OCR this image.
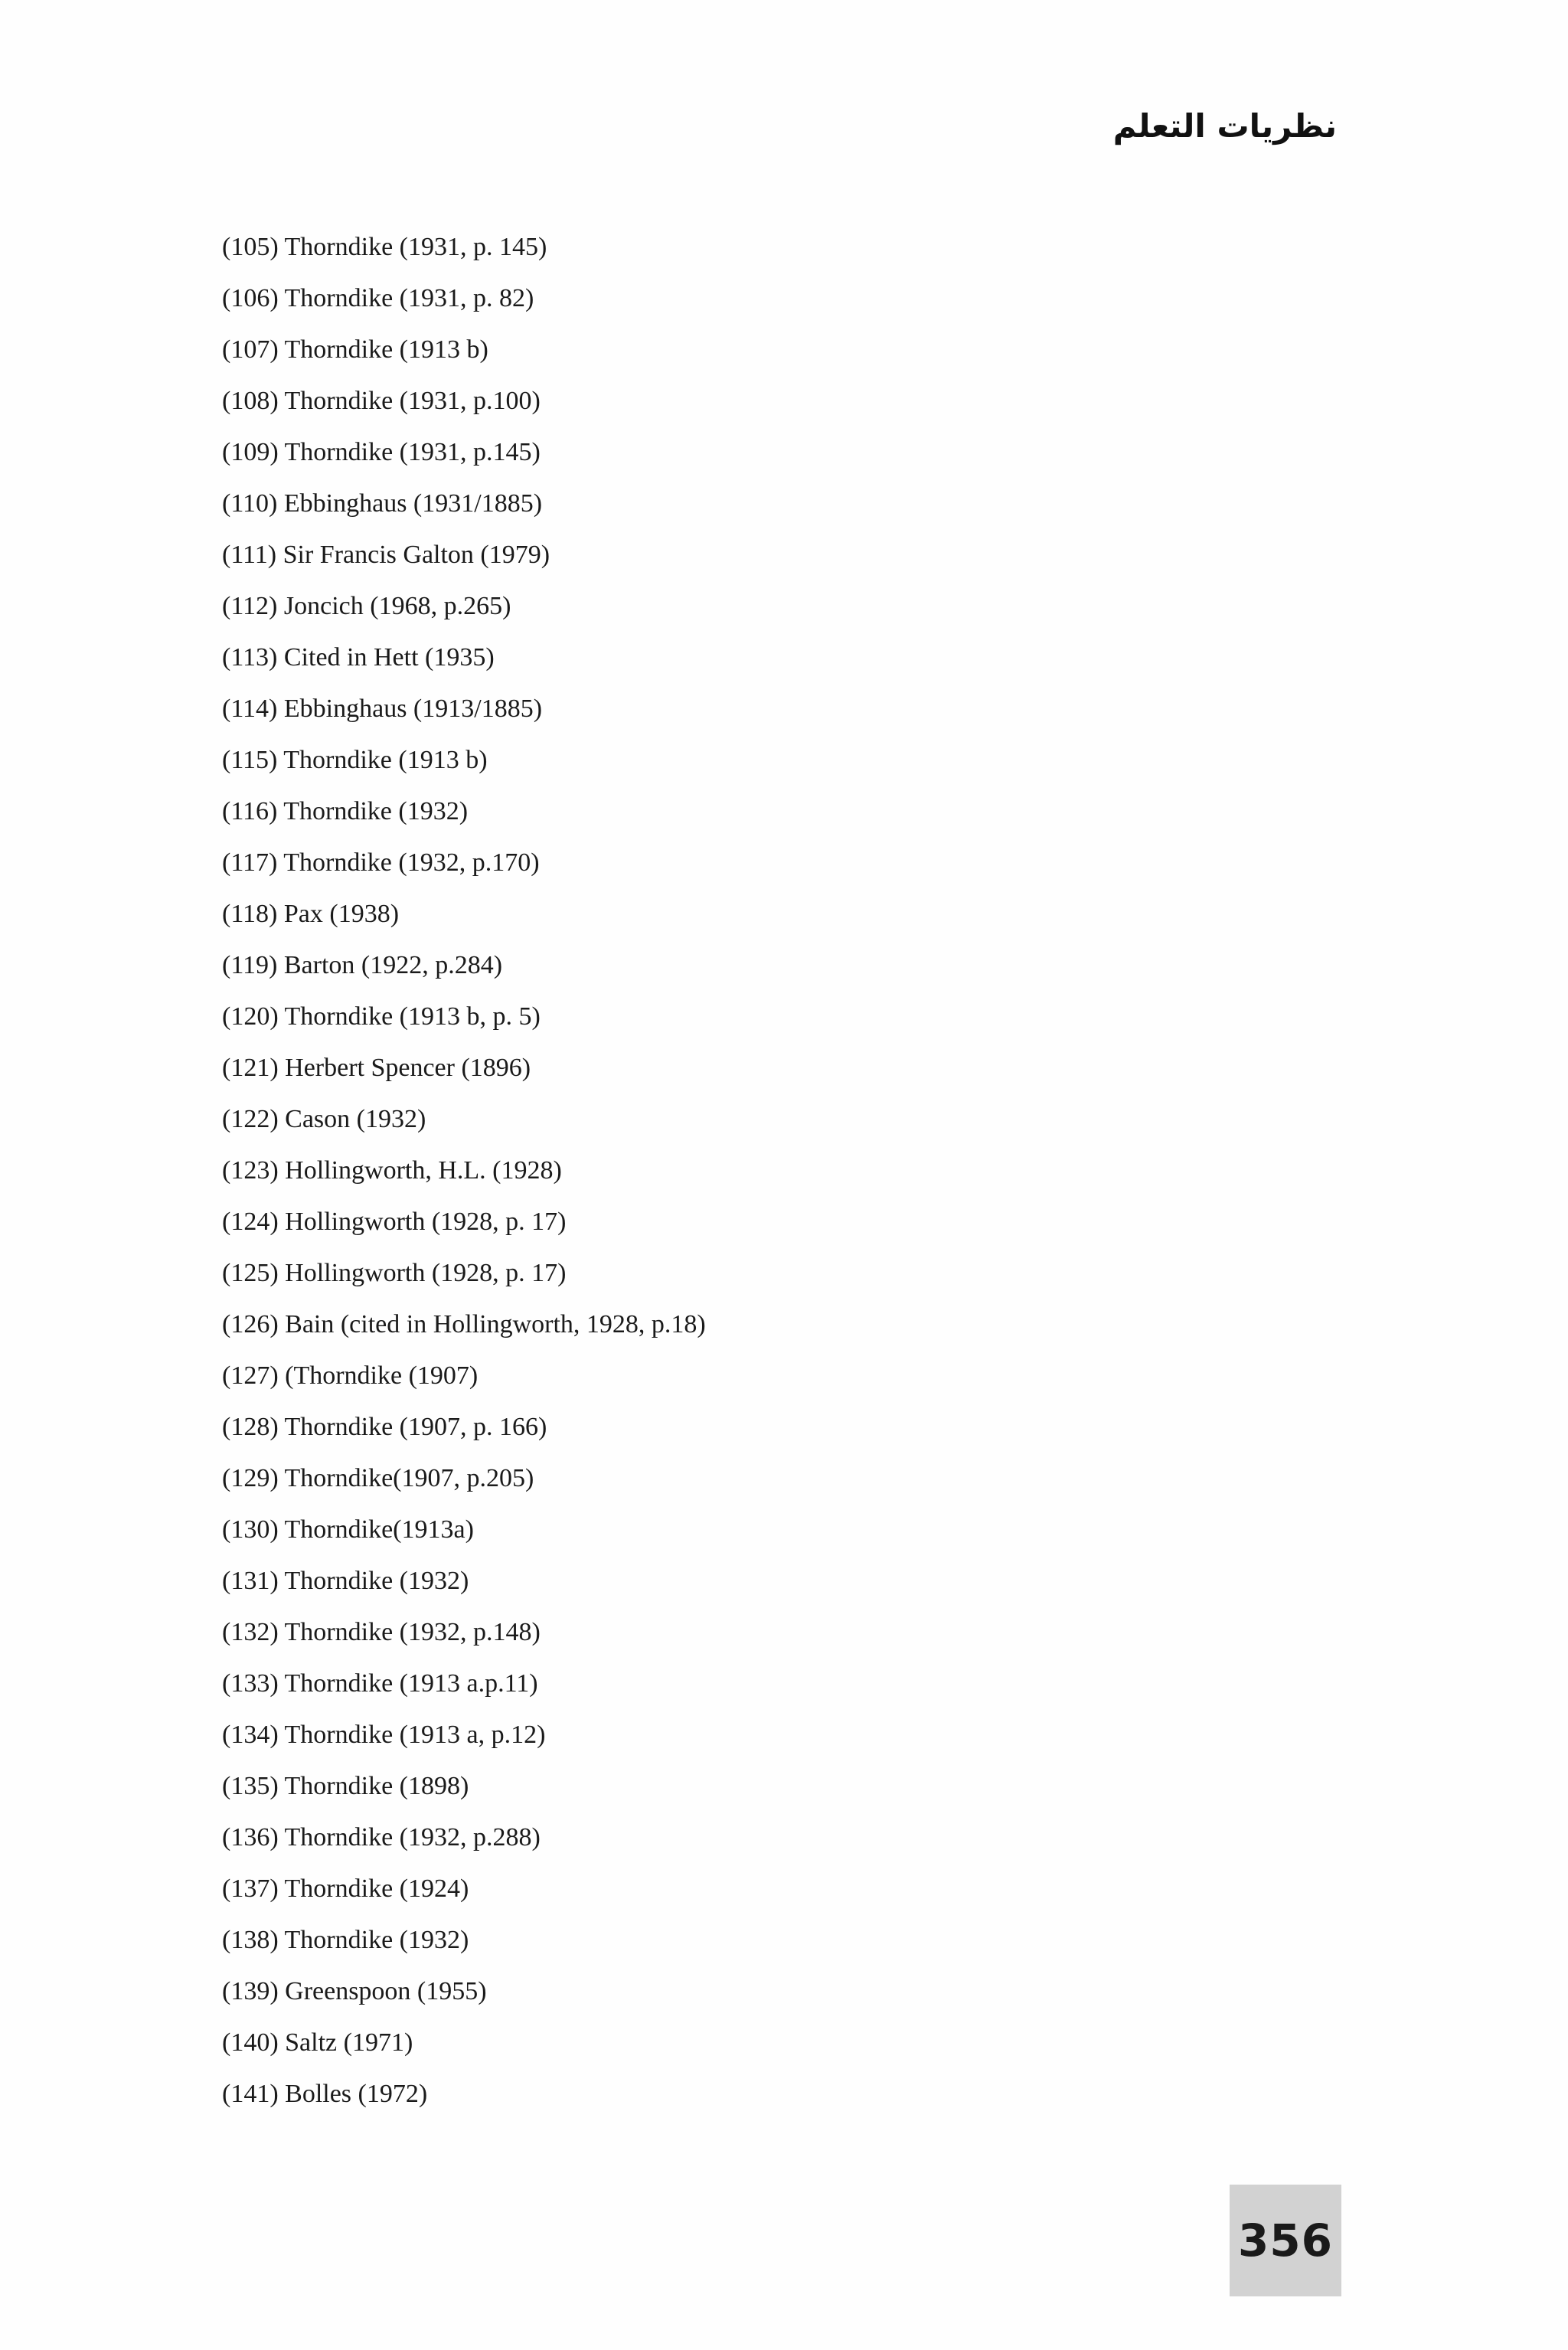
نظريات التعلم
(105) Thorndike (1931, p. 145)
(106) Thorndike (1931, p. 82)
(107) Thorndike (1913 b)
(108) Thorndike (1931, p.100)
(109) Thorndike (1931, p.145)
(110) Ebbinghaus (1931/1885)
(111) Sir Francis Galton (1979)
(112) Joncich (1968, p.265)
(113) Cited in Hett (1935)
(114) Ebbinghaus (1913/1885)
(115) Thorndike (1913 b)
(116) Thorndike (1932)
(117) Thorndike (1932, p.170)
(118) Pax (1938)
(119) Barton (1922, p.284)
(120) Thorndike (1913 b, p. 5)
(121) Herbert Spencer (1896)
(122) Cason (1932)
(123) Hollingworth, H.L. (1928)
(124) Hollingworth (1928, p. 17)
(125) Hollingworth (1928, p. 17)
(126) Bain (cited in Hollingworth, 1928, p.18)
(127) (Thorndike (1907)
(128) Thorndike (1907, p. 166)
(129) Thorndike(1907, p.205)
(130) Thorndike(1913a)
(131) Thorndike (1932)
(132) Thorndike (1932, p.148)
(133) Thorndike (1913 a.p.11)
(134) Thorndike (1913 a, p.12)
(135) Thorndike (1898)
(136) Thorndike (1932, p.288)
(137) Thorndike (1924)
(138) Thorndike (1932)
(139) Greenspoon (1955)
(140) Saltz (1971)
(141) Bolles (1972)
356
